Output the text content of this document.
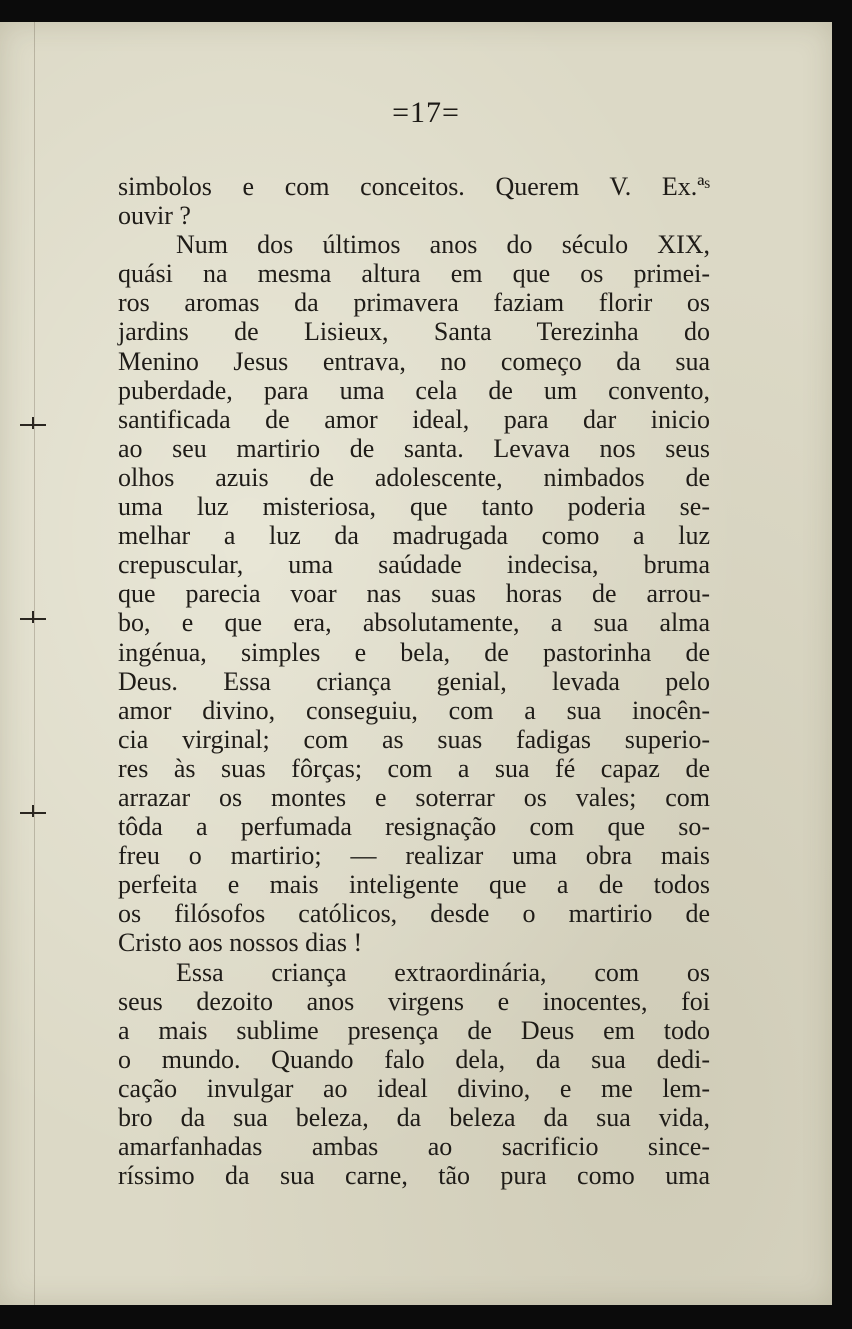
=17=
simbolos e com conceitos. Querem V. Ex.ªˢ
ouvir ?
Num dos últimos anos do século XIX,
quási na mesma altura em que os primei-
ros aromas da primavera faziam florir os
jardins de Lisieux, Santa Terezinha do
Menino Jesus entrava, no começo da sua
puberdade, para uma cela de um convento,
santificada de amor ideal, para dar inicio
ao seu martirio de santa. Levava nos seus
olhos azuis de adolescente, nimbados de
uma luz misteriosa, que tanto poderia se-
melhar a luz da madrugada como a luz
crepuscular, uma saúdade indecisa, bruma
que parecia voar nas suas horas de arrou-
bo, e que era, absolutamente, a sua alma
ingénua, simples e bela, de pastorinha de
Deus. Essa criança genial, levada pelo
amor divino, conseguiu, com a sua inocên-
cia virginal; com as suas fadigas superio-
res às suas fôrças; com a sua fé capaz de
arrazar os montes e soterrar os vales; com
tôda a perfumada resignação com que so-
freu o martirio; — realizar uma obra mais
perfeita e mais inteligente que a de todos
os filósofos católicos, desde o martirio de
Cristo aos nossos dias !
Essa criança extraordinária, com os
seus dezoito anos virgens e inocentes, foi
a mais sublime presença de Deus em todo
o mundo. Quando falo dela, da sua dedi-
cação invulgar ao ideal divino, e me lem-
bro da sua beleza, da beleza da sua vida,
amarfanhadas ambas ao sacrificio since-
ríssimo da sua carne, tão pura como uma
